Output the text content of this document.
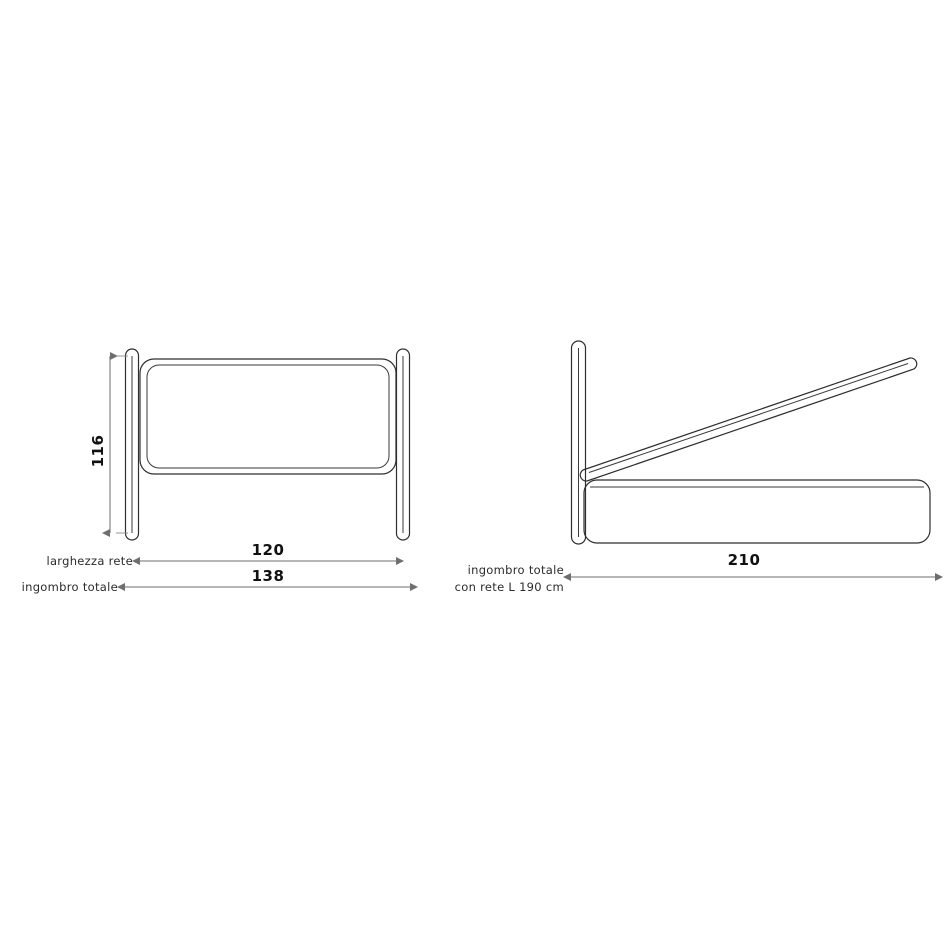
116
120
larghezza rete
138
ingombro totale
210
ingombro totale
con rete L 190 cm
